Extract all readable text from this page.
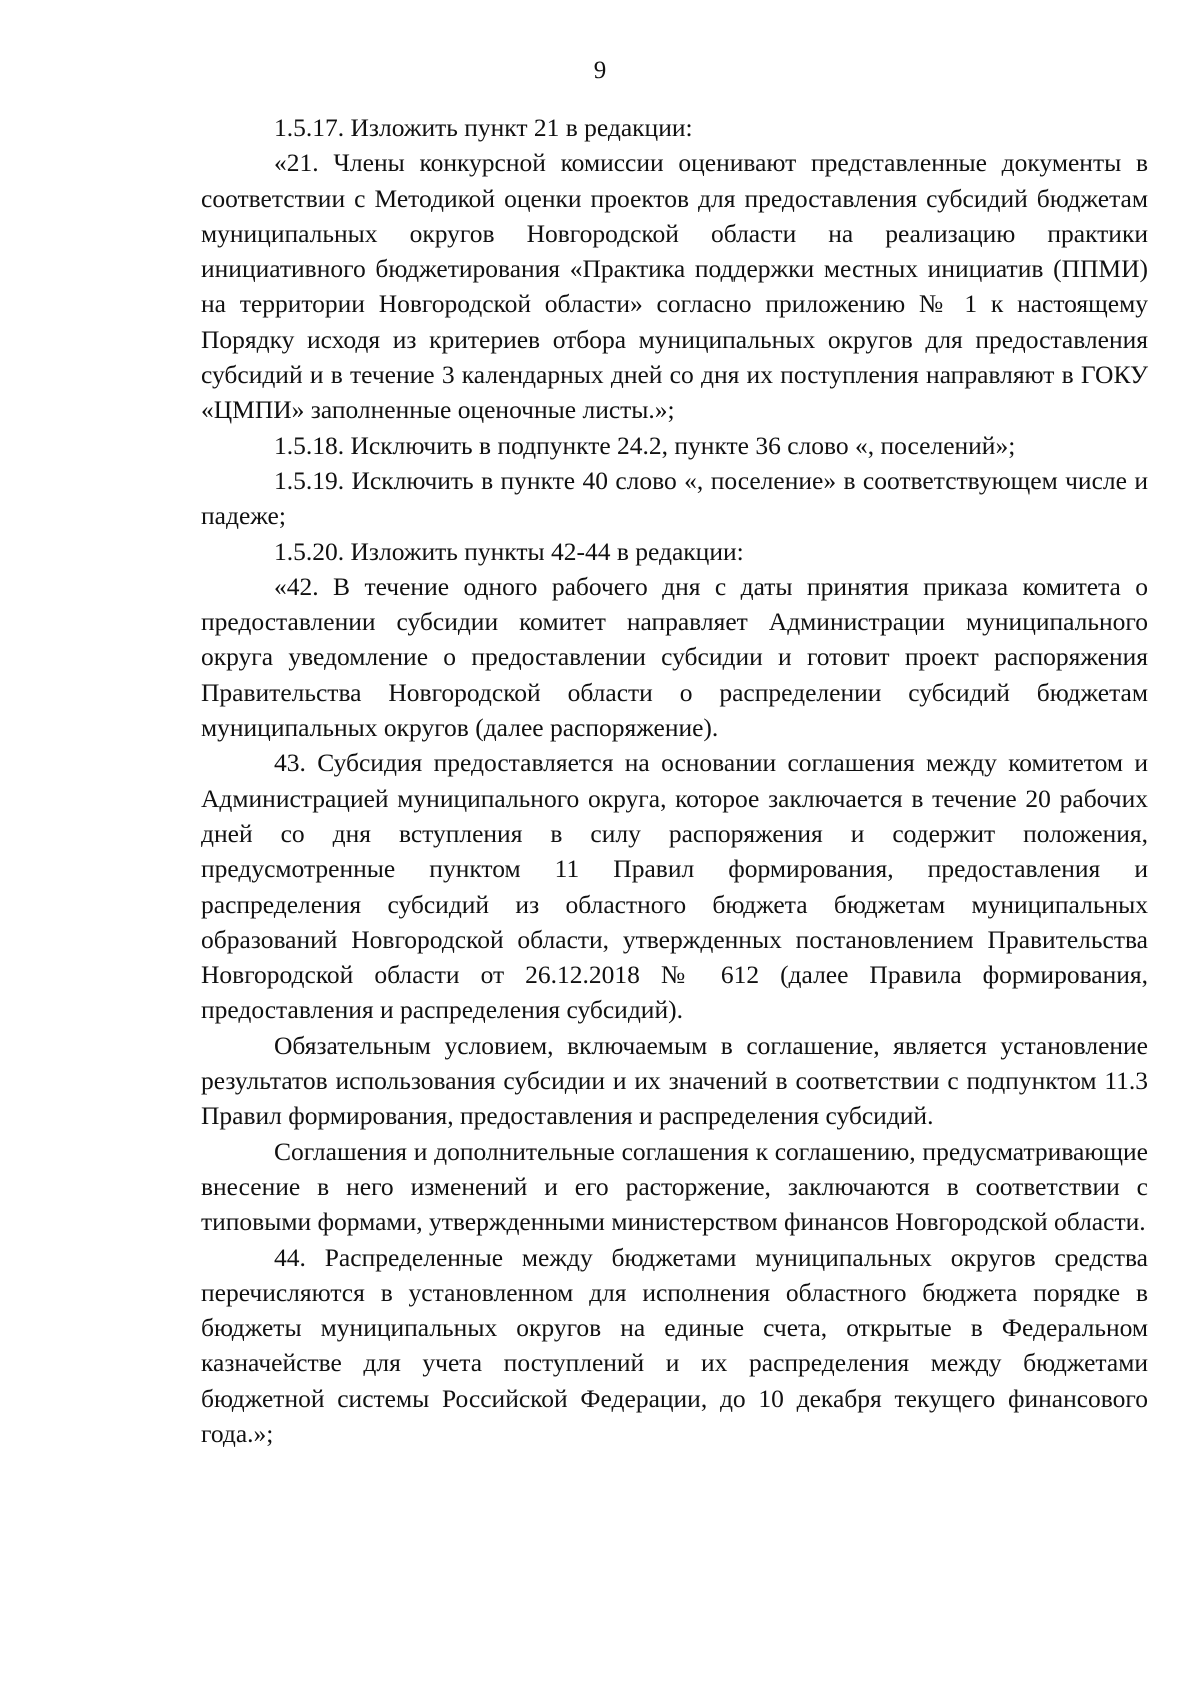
9

1.5.17. Изложить пункт 21 в редакции:

«21. Члены конкурсной комиссии оценивают представленные документы в соответствии с Методикой оценки проектов для предоставления субсидий бюджетам муниципальных округов Новгородской области на реализацию практики инициативного бюджетирования «Практика поддержки местных инициатив (ППМИ) на территории Новгородской области» согласно приложению № 1 к настоящему Порядку исходя из критериев отбора муниципальных округов для предоставления субсидий и в течение 3 календарных дней со дня их поступления направляют в ГОКУ «ЦМПИ» заполненные оценочные листы.»;

1.5.18. Исключить в подпункте 24.2, пункте 36 слово «, поселений»;

1.5.19. Исключить в пункте 40 слово «, поселение» в соответствующем числе и падеже;

1.5.20. Изложить пункты 42-44 в редакции:

«42. В течение одного рабочего дня с даты принятия приказа комитета о предоставлении субсидии комитет направляет Администрации муниципального округа уведомление о предоставлении субсидии и готовит проект распоряжения Правительства Новгородской области о распределении субсидий бюджетам муниципальных округов (далее распоряжение).

43. Субсидия предоставляется на основании соглашения между комитетом и Администрацией муниципального округа, которое заключается в течение 20 рабочих дней со дня вступления в силу распоряжения и содержит положения, предусмотренные пунктом 11 Правил формирования, предоставления и распределения субсидий из областного бюджета бюджетам муниципальных образований Новгородской области, утвержденных постановлением Правительства Новгородской области от 26.12.2018 № 612 (далее Правила формирования, предоставления и распределения субсидий).

Обязательным условием, включаемым в соглашение, является установление результатов использования субсидии и их значений в соответствии с подпунктом 11.3 Правил формирования, предоставления и распределения субсидий.

Соглашения и дополнительные соглашения к соглашению, предусматривающие внесение в него изменений и его расторжение, заключаются в соответствии с типовыми формами, утвержденными министерством финансов Новгородской области.

44. Распределенные между бюджетами муниципальных округов средства перечисляются в установленном для исполнения областного бюджета порядке в бюджеты муниципальных округов на единые счета, открытые в Федеральном казначействе для учета поступлений и их распределения между бюджетами бюджетной системы Российской Федерации, до 10 декабря текущего финансового года.»;
